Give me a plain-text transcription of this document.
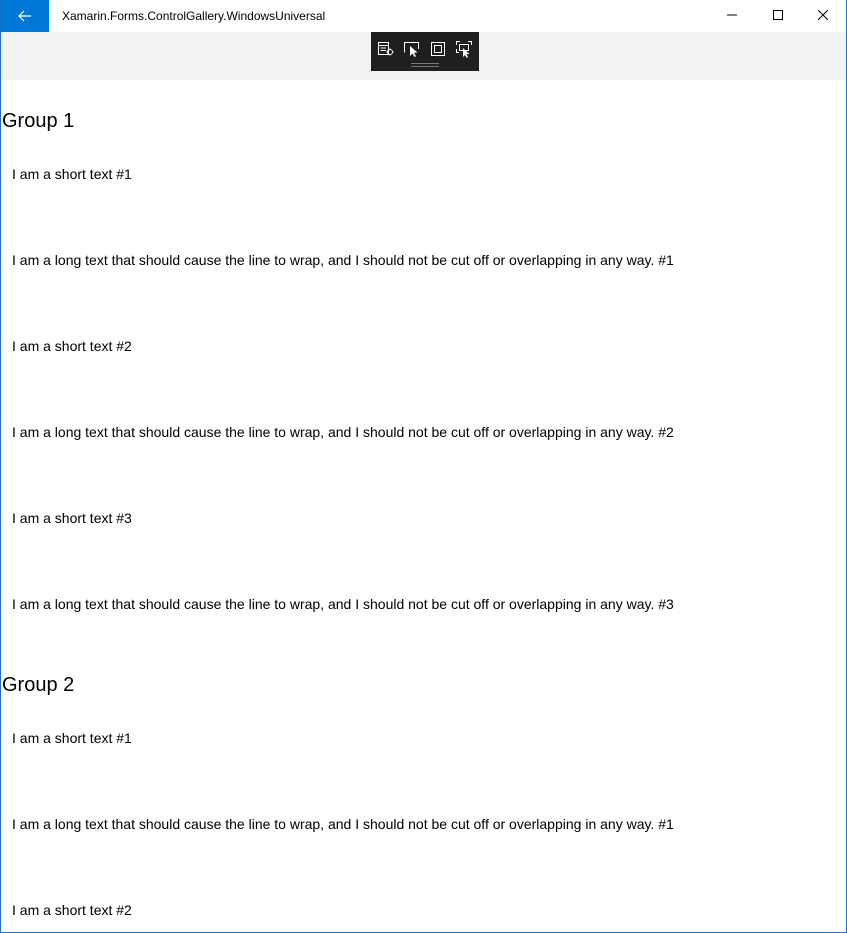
Xamarin.Forms.ControlGallery.WindowsUniversal
Group 1
I am a short text #1
I am a long text that should cause the line to wrap, and I should not be cut off or overlapping in any way. #1
I am a short text #2
I am a long text that should cause the line to wrap, and I should not be cut off or overlapping in any way. #2
I am a short text #3
I am a long text that should cause the line to wrap, and I should not be cut off or overlapping in any way. #3
Group 2
I am a short text #1
I am a long text that should cause the line to wrap, and I should not be cut off or overlapping in any way. #1
I am a short text #2
